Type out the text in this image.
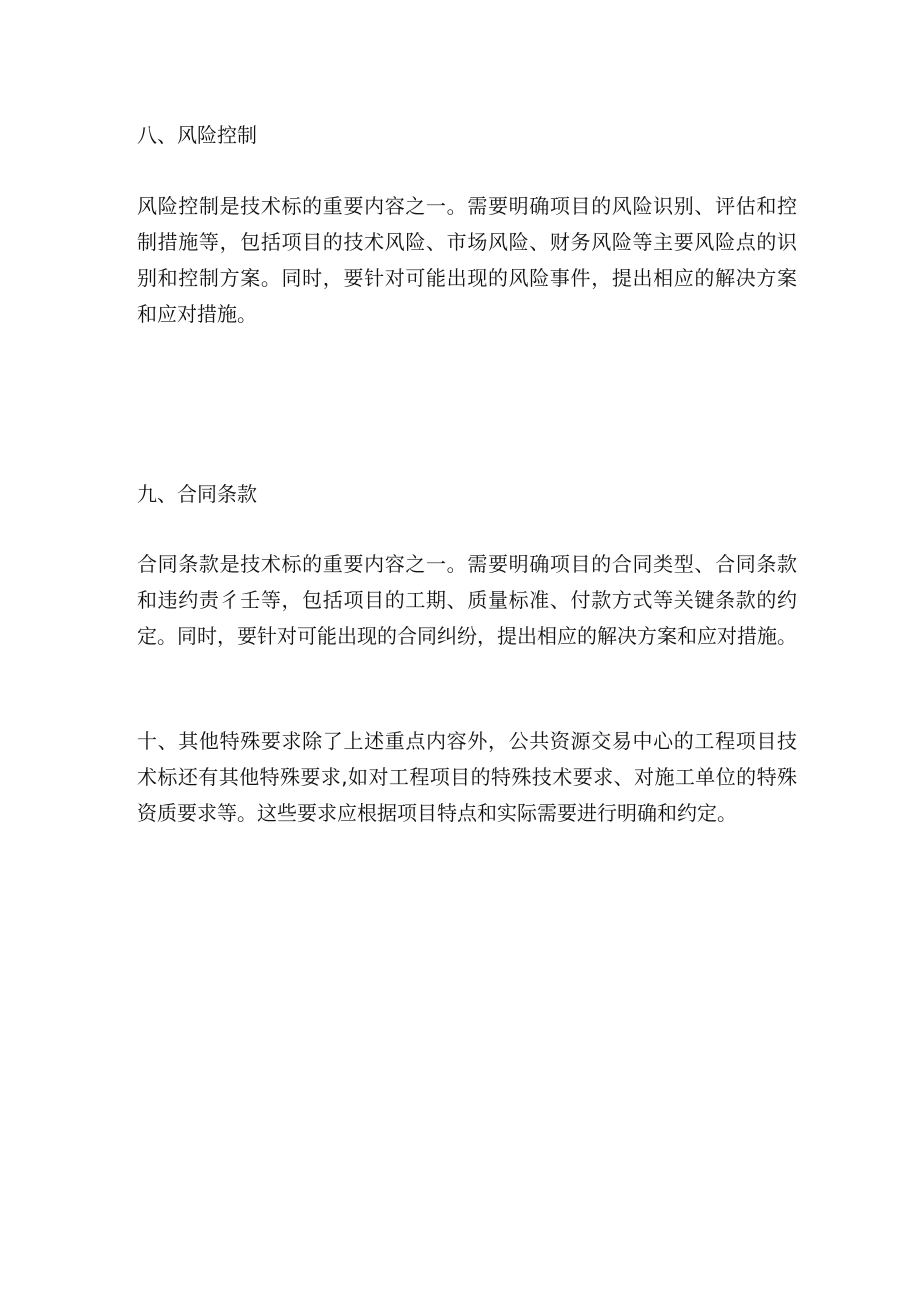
八、风险控制
风险控制是技术标的重要内容之一。需要明确项目的风险识别、评估和控
制措施等，包括项目的技术风险、市场风险、财务风险等主要风险点的识
别和控制方案。同时，要针对可能出现的风险事件，提出相应的解决方案
和应对措施。
九、合同条款
合同条款是技术标的重要内容之一。需要明确项目的合同类型、合同条款
和违约责彳壬等，包括项目的工期、质量标准、付款方式等关键条款的约
定。同时，要针对可能出现的合同纠纷，提出相应的解决方案和应对措施。
十、其他特殊要求除了上述重点内容外，公共资源交易中心的工程项目技
术标还有其他特殊要求,如对工程项目的特殊技术要求、对施工单位的特殊
资质要求等。这些要求应根据项目特点和实际需要进行明确和约定。
